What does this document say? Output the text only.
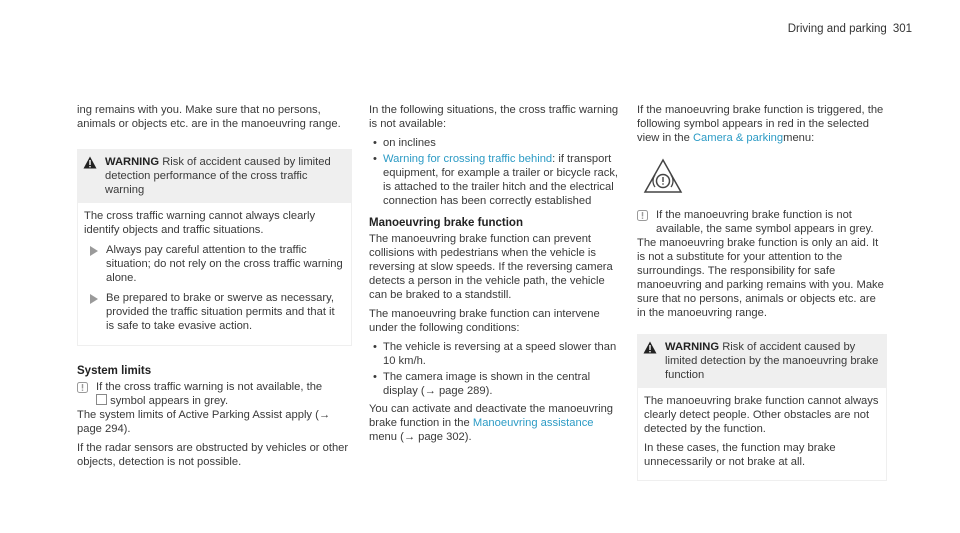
Driving and parking 301

ing remains with you. Make sure that no persons, animals or objects etc. are in the manoeuvring range.

WARNING Risk of accident caused by limited detection performance of the cross traffic warning

The cross traffic warning cannot always clearly identify objects and traffic situations.

Always pay careful attention to the traffic situation; do not rely on the cross traffic warning alone.
Be prepared to brake or swerve as necessary, provided the traffic situation permits and that it is safe to take evasive action.
System limits
If the cross traffic warning is not available, the
symbol appears in grey.

The system limits of Active Parking Assist apply (→ page 294).

If the radar sensors are obstructed by vehicles or other objects, detection is not possible.

In the following situations, the cross traffic warning is not available:

• on inclines
• Warning for crossing traffic behind: if transport equipment, for example a trailer or bicycle rack, is attached to the trailer hitch and the electrical connection has been correctly established
Manoeuvring brake function

The manoeuvring brake function can prevent collisions with pedestrians when the vehicle is reversing at slow speeds. If the reversing camera detects a person in the vehicle path, the vehicle can be braked to a standstill.

The manoeuvring brake function can intervene under the following conditions:

• The vehicle is reversing at a speed slower than 10 km/h.
• The camera image is shown in the central display (→ page 289).

You can activate and deactivate the manoeuvring brake function in the Manoeuvring assistance menu (→ page 302).

If the manoeuvring brake function is triggered, the following symbol appears in red in the selected view in the Camera & parkingmenu:

If the manoeuvring brake function is not available, the same symbol appears in grey.

The manoeuvring brake function is only an aid. It is not a substitute for your attention to the surroundings. The responsibility for safe manoeuvring and parking remains with you. Make sure that no persons, animals or objects etc. are in the manoeuvring range.

WARNING Risk of accident caused by limited detection by the manoeuvring brake function

The manoeuvring brake function cannot always clearly detect people. Other obstacles are not detected by the function.

In these cases, the function may brake unnecessarily or not brake at all.
